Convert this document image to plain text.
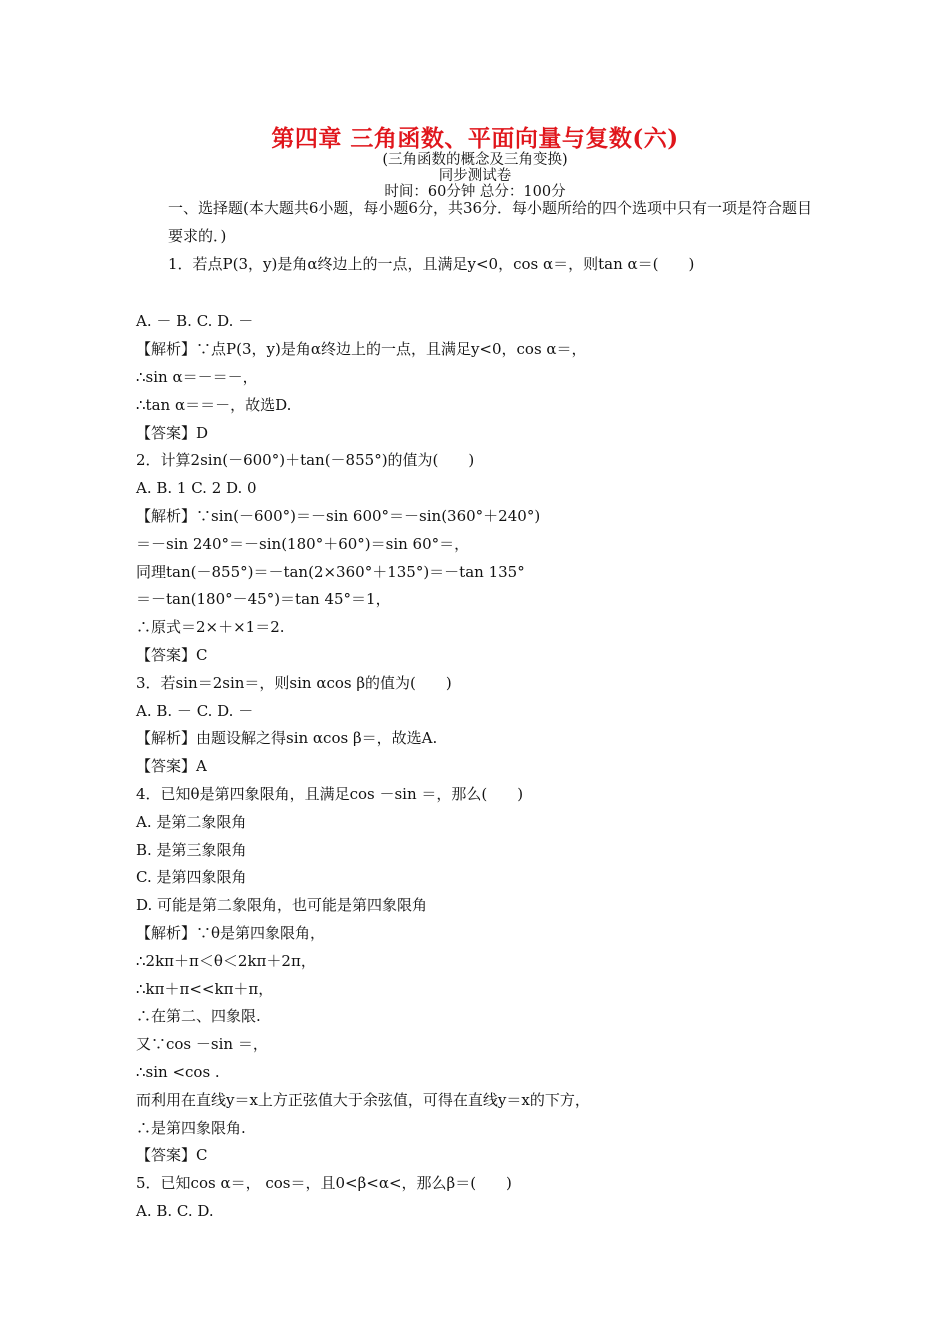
第四章 三角函数、平面向量与复数(六)
(三角函数的概念及三角变换)
同步测试卷
时间：60分钟 总分：100分
一、选择题(本大题共6小题，每小题6分，共36分．每小题所给的四个选项中只有一项是符合题目要求的．)
1．若点P(3，y)是角α终边上的一点，且满足y<0，cos α＝，则tan α＝(　　)
A. － B. C. D. －
【解析】∵点P(3，y)是角α终边上的一点，且满足y<0，cos α＝，
∴sin α＝－＝－，
∴tan α＝＝－，故选D.
【答案】D
2．计算2sin(－600°)＋tan(－855°)的值为(　　)
A. B. 1 C. 2 D. 0
【解析】∵sin(－600°)＝－sin 600°＝－sin(360°＋240°)
＝－sin 240°＝－sin(180°＋60°)＝sin 60°＝，
同理tan(－855°)＝－tan(2×360°＋135°)＝－tan 135°
＝－tan(180°－45°)＝tan 45°＝1，
∴原式＝2×＋×1＝2.
【答案】C
3．若sin＝2sin＝，则sin αcos β的值为(　　)
A. B. － C. D. －
【解析】由题设解之得sin αcos β＝，故选A.
【答案】A
4．已知θ是第四象限角，且满足cos －sin ＝，那么(　　)
A. 是第二象限角
B. 是第三象限角
C. 是第四象限角
D. 可能是第二象限角，也可能是第四象限角
【解析】∵θ是第四象限角，
∴2kπ＋π＜θ＜2kπ＋2π，
∴kπ＋π<<kπ＋π，
∴在第二、四象限.
又∵cos －sin ＝，
∴sin <cos .
而利用在直线y＝x上方正弦值大于余弦值，可得在直线y＝x的下方，
∴是第四象限角.
【答案】C
5．已知cos α＝， cos＝，且0<β<α<，那么β＝(　　)
A. B. C. D.
